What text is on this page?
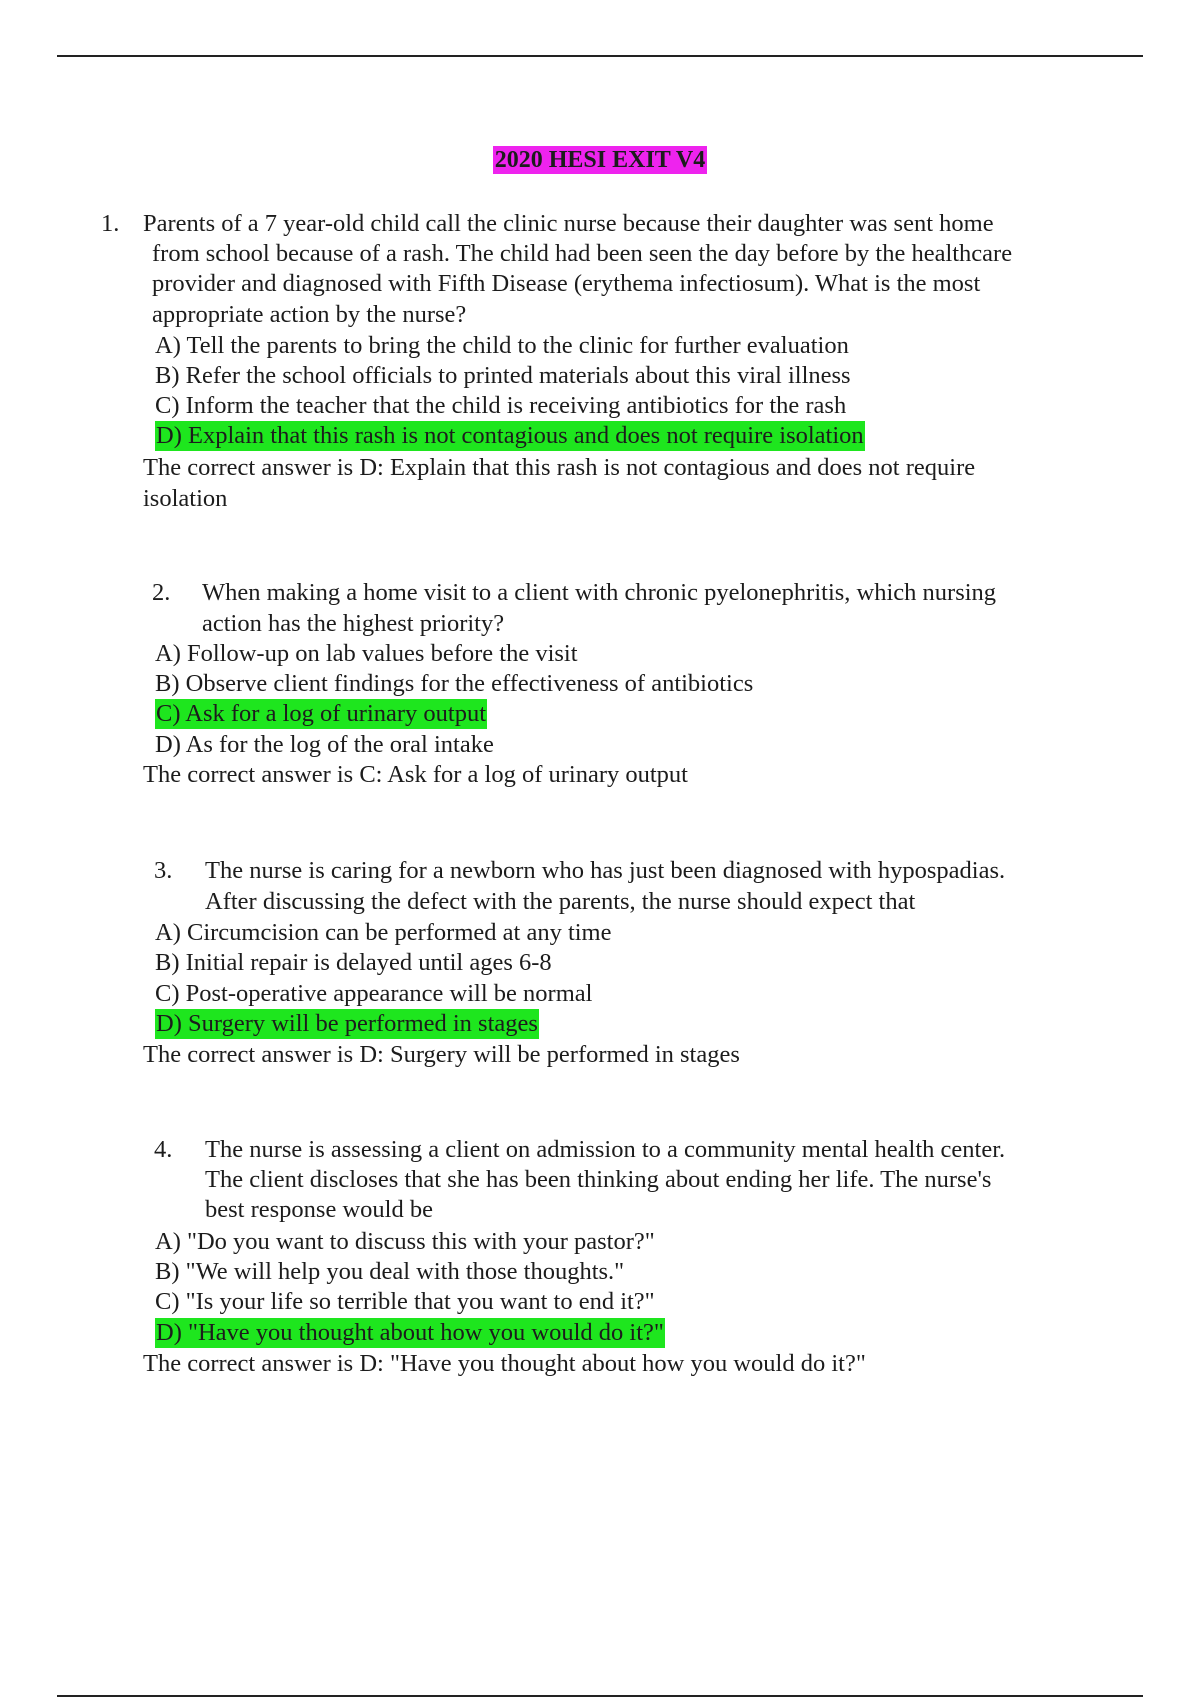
2020 HESI EXIT V4
1. Parents of a 7 year-old child call the clinic nurse because their daughter was sent home
from school because of a rash. The child had been seen the day before by the healthcare
provider and diagnosed with Fifth Disease (erythema infectiosum). What is the most
appropriate action by the nurse?
A) Tell the parents to bring the child to the clinic for further evaluation
B) Refer the school officials to printed materials about this viral illness
C) Inform the teacher that the child is receiving antibiotics for the rash
D) Explain that this rash is not contagious and does not require isolation
The correct answer is D: Explain that this rash is not contagious and does not require
isolation
2. When making a home visit to a client with chronic pyelonephritis, which nursing
action has the highest priority?
A) Follow-up on lab values before the visit
B) Observe client findings for the effectiveness of antibiotics
C) Ask for a log of urinary output
D) As for the log of the oral intake
The correct answer is C: Ask for a log of urinary output
3. The nurse is caring for a newborn who has just been diagnosed with hypospadias.
After discussing the defect with the parents, the nurse should expect that
A) Circumcision can be performed at any time
B) Initial repair is delayed until ages 6-8
C) Post-operative appearance will be normal
D) Surgery will be performed in stages
The correct answer is D: Surgery will be performed in stages
4. The nurse is assessing a client on admission to a community mental health center.
The client discloses that she has been thinking about ending her life. The nurse's
best response would be
A) "Do you want to discuss this with your pastor?"
B) "We will help you deal with those thoughts."
C) "Is your life so terrible that you want to end it?"
D) "Have you thought about how you would do it?"
The correct answer is D: "Have you thought about how you would do it?"
